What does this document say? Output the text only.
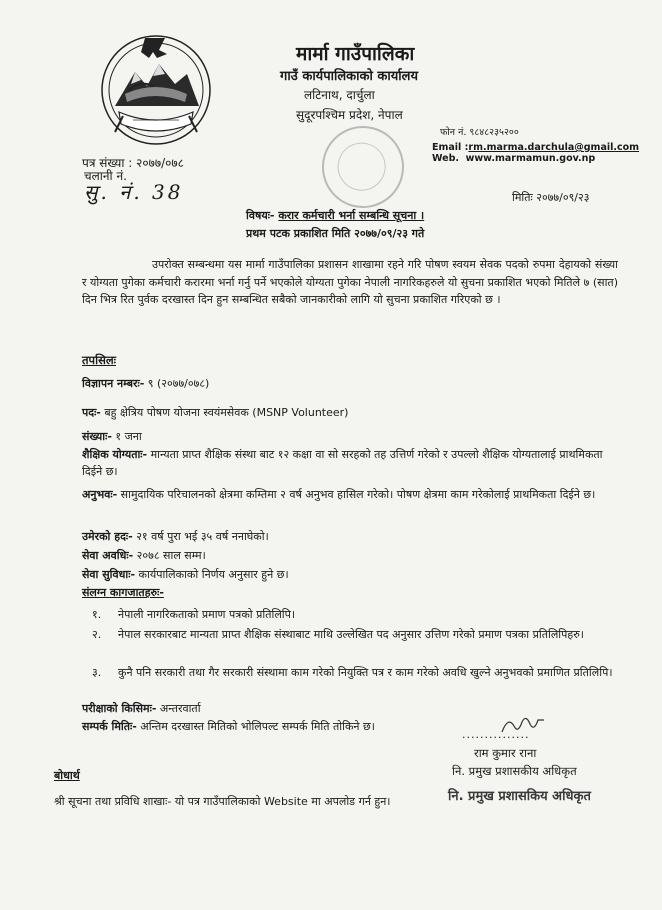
मार्मा गाउँपालिका
गाउँ कार्यपालिकाको कार्यालय
लटिनाथ, दार्चुला
सुदूरपश्चिम प्रदेश, नेपाल
फोन नं. ९८४८२३५२००
Email :rm.marma.darchula@gmail.com
Web. www.marmamun.gov.np
पत्र संख्या : २०७७/०७८
चलानी नं.
सु. नं. 38	मितिः २०७७/०९/२३
विषयः- करार कर्मचारी भर्ना सम्बन्धि सूचना ।
प्रथम पटक प्रकाशित मिति २०७७/०९/२३ गते
उपरोक्त सम्बन्धमा यस मार्मा गाउँपालिका प्रशासन शाखामा रहने गरि पोषण स्वयम सेवक पदको रुपमा देहायको संख्या र योग्यता पुगेका कर्मचारी करारमा भर्ना गर्नु पर्ने भएकोले योग्यता पुगेका नेपाली नागरिकहरुले यो सुचना प्रकाशित भएको मितिले ७ (सात) दिन भित्र रित पुर्वक दरखास्त दिन हुन सम्बन्धित सबैको जानकारीको लागि यो सुचना प्रकाशित गरिएको छ ।
तपसिलः
विज्ञापन नम्बरः- ९ (२०७७/०७८)
पदः- बहु क्षेत्रिय पोषण योजना स्वयंमसेवक (MSNP Volunteer)
संख्याः- १ जना
शैक्षिक योग्यताः- मान्यता प्राप्त शैक्षिक संस्था बाट १२ कक्षा वा सो सरहको तह उत्तिर्ण गरेको र उपल्लो शैक्षिक योग्यतालाई प्राथमिकता दिईने छ।
अनुभवः- सामुदायिक परिचालनको क्षेत्रमा कम्तिमा २ वर्ष अनुभव हासिल गरेको। पोषण क्षेत्रमा काम गरेकोलाई प्राथमिकता दिईने छ।
उमेरको हदः- २१ वर्ष पुरा भई ३५ वर्ष ननाघेको।
सेवा अवधिः- २०७८ साल सम्म।
सेवा सुविधाः- कार्यपालिकाको निर्णय अनुसार हुने छ।
संलग्न कागजातहरुः-
१. नेपाली नागरिकताको प्रमाण पत्रको प्रतिलिपि।
२. नेपाल सरकारबाट मान्यता प्राप्त शैक्षिक संस्थाबाट माथि उल्लेखित पद अनुसार उत्तिण गरेको प्रमाण पत्रका प्रतिलिपिहरु।
३. कुनै पनि सरकारी तथा गैर सरकारी संस्थामा काम गरेको नियुक्ति पत्र र काम गरेको अवधि खुल्ने अनुभवको प्रमाणित प्रतिलिपि।
परीक्षाको किसिमः- अन्तरवार्ता
सम्पर्क मितिः- अन्तिम दरखास्त मितिको भोलिपल्ट सम्पर्क मिति तोकिने छ।
...............
राम कुमार राना
नि. प्रमुख प्रशासकीय अधिकृत
बोधार्थ
श्री सूचना तथा प्रविधि शाखाः- यो पत्र गाउँपालिकाको Website मा अपलोड गर्न हुन।	नि. प्रमुख प्रशासकिय अधिकृत
